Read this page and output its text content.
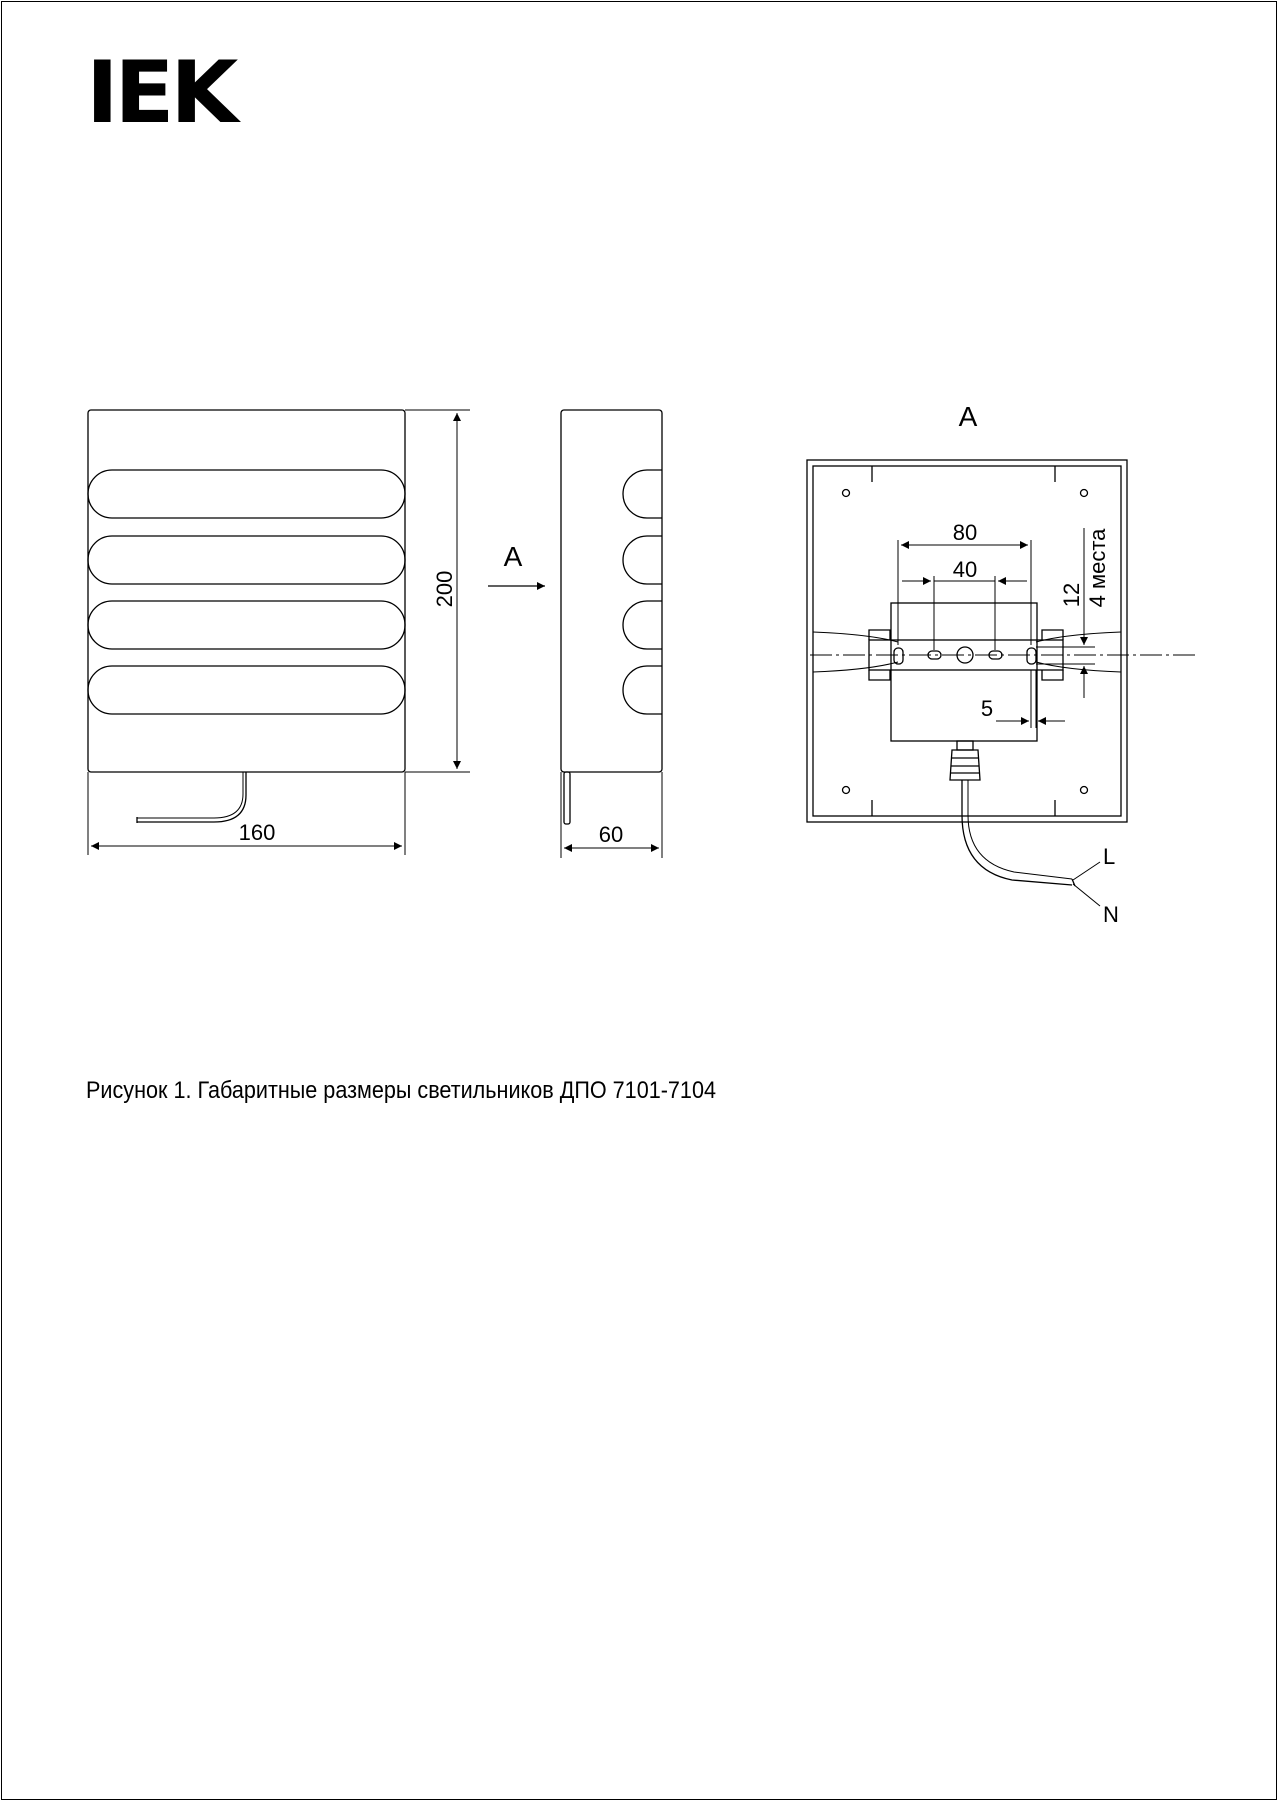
IEK
200
160
A
60
A
80
40
12 4 места
5
L
N
Рисунок 1. Габаритные размеры светильников ДПО 7101-7104
